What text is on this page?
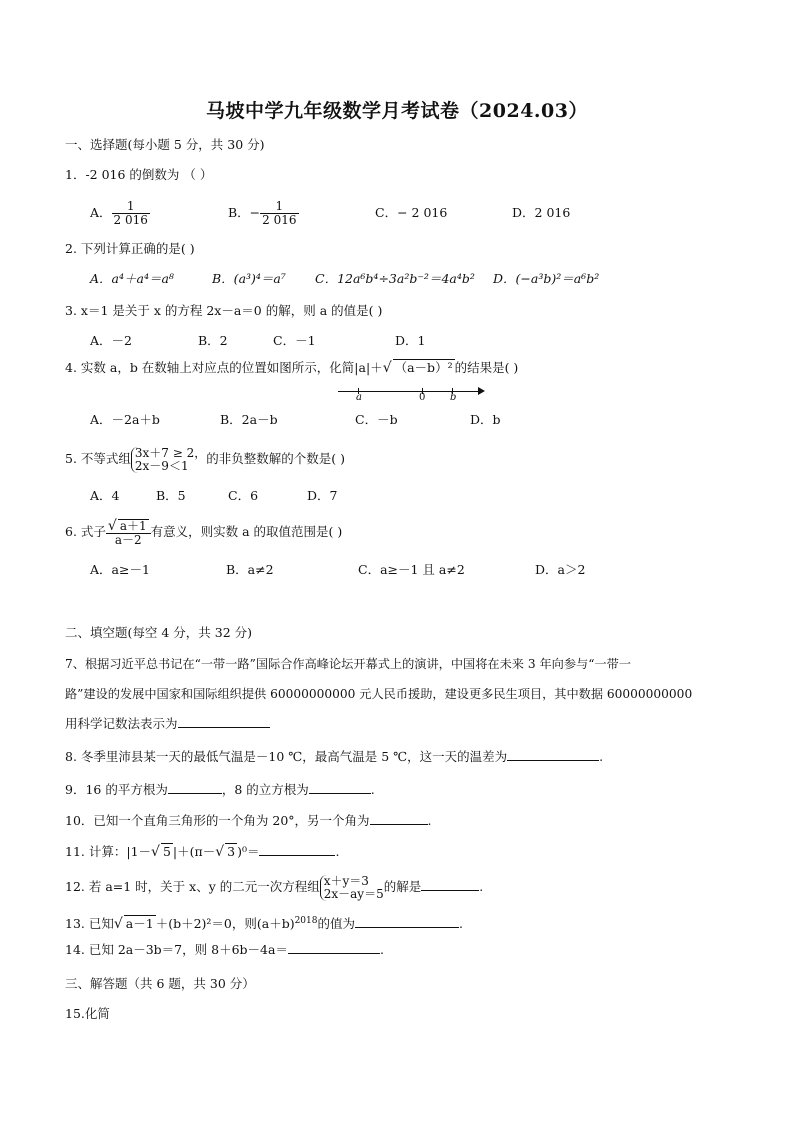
马坡中学九年级数学月考试卷（2024.03）
一、选择题(每小题 5 分，共 30 分)
1．-2 016 的倒数为 （ ）
A． $\frac{1}{2 016}$	B．− $\frac{1}{2 016}$	C．− 2 016	D．2 016
2. 下列计算正确的是( )
A．a⁴＋a⁴＝a⁸	B．(a³)⁴＝a⁷ C．12a⁶b⁴÷3a²b⁻²＝4a⁴b² D．(−a³b)²＝a⁶b²
3. x＝1 是关于 x 的方程 2x－a＝0 的解，则 a 的值是( )
A．－2	B．2	C．－1	D．1
4. 实数 a，b 在数轴上对应点的位置如图所示，化简|a|＋√ （a－b）² 的结果是( )
a	0 b
A．－2a＋b	B．2a－b	C．－b	D．b
5. 不等式组 3x＋7 ≥ 2，
2x－9＜1	的非负整数解的个数是( )
A．4	B．5	C．6	D．7
6. 式子 $\frac{√ a+1}{a-2}$ 有意义，则实数 a 的取值范围是( )
A．a≥－1	B．a≠2	C．a≥－1 且 a≠2	D．a＞2
二、填空题(每空 4 分，共 32 分)
7、根据习近平总书记在“一带一路”国际合作高峰论坛开幕式上的演讲，中国将在未来 3 年向参与“一带一
路”建设的发展中国家和国际组织提供 60000000000 元人民币援助，建设更多民生项目，其中数据 60000000000
用科学记数法表示为
8. 冬季里沛县某一天的最低气温是－10 ℃，最高气温是 5 ℃，这一天的温差为	.
9．16 的平方根为	，8 的立方根为	.
10．已知一个直角三角形的一个角为 20°，另一个角为	.
11. 计算：|1－√ 5 |＋(π－√ 3 )⁰＝	.
12. 若 a=1 时，关于 x、y 的二元一次方程组 x＋y＝3
2x－ay＝5 的解是	.
13. 已知√ a－1 ＋(b＋2)²＝0，则$(a+b)^{2018}$的值为	.
14. 已知 2a－3b＝7，则 8＋6b－4a＝	.
三、解答题（共 6 题，共 30 分）
15.化简
